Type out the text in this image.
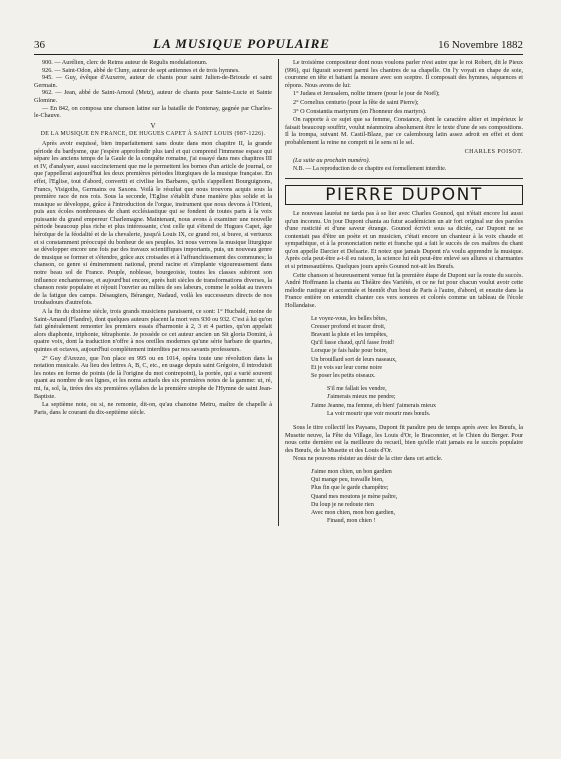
36	LA MUSIQUE POPULAIRE	16 Novembre 1882

900. — Aurélien, clerc de Reims auteur de Regulis modulationum.

926. — Saint-Odon, abbé de Cluny, auteur de sept antiennes et de trois hymnes.

945. — Guy, évêque d'Auxerre, auteur de chants pour saint Julien-de-Brioude et saint Germain.

962. — Jean, abbé de Saint-Arnoul (Metz), auteur de chants pour Sainte-Lucie et Sainte Glomine.

— En 842, on composa une chanson latine sur la bataille de Fontenay, gagnée par Charles-le-Chauve.

V

DE LA MUSIQUE EN FRANCE, DE HUGUES CAPET À SAINT LOUIS (987-1226).

Après avoir esquissé, bien imparfaitement sans doute dans mon chapitre II, la grande période du bardysme, que j'espère approfondir plus tard et qui comprend l'immense espace qui sépare les anciens temps de la Gaule de la conquête romaine, j'ai essayé dans mes chapitres III et IV, d'analyser, aussi succinctement que me le permettent les bornes d'un article de journal, ce que j'appellerai aujourd'hui les deux premières périodes liturgiques de la musique française. En effet, l'Eglise, tout d'abord, convertit et civilise les Barbares, qu'ils s'appellent Bourguignons, Francs, Visigoths, Germains ou Saxons. Voilà le résultat que nous trouvons acquis sous la première race de nos rois. Sous la seconde, l'Eglise s'établit d'une manière plus solide et la musique se développe, grâce à l'introduction de l'orgue, instrument que nous devons à l'Orient, puis aux écoles nombreuses de chant ecclésiastique qui se fondent de toutes parts à la voix puissante du grand empereur Charlemagne. Maintenant, nous avons à examiner une nouvelle période beaucoup plus riche et plus intéressante, c'est celle qui s'étend de Hugues Capet, âge héroïque de la féodalité et de la chevalerie, jusqu'à Louis IX, ce grand roi, si brave, si vertueux et si constamment préoccupé du bonheur de ses peuples. Ici nous verrons la musique liturgique se développer encore une fois par des travaux scientifiques importants, puis, un nouveau genre de musique se former et s'étendre, grâce aux croisades et à l'affranchissement des communes; la chanson, ce genre si éminemment national, prend racine et s'implante vigoureusement dans notre beau sol de France. Peuple, noblesse, bourgeoisie, toutes les classes subiront son influence enchanteresse, et aujourd'hui encore, après huit siècles de transformations diverses, la chanson reste populaire et réjouit l'ouvrier au milieu de ses labeurs, comme le soldat au travers de la fatigue des camps. Désaugiers, Béranger, Nadaud, voilà les successeurs directs de nos troubadours d'autrefois.

A la fin du dixième siècle, trois grands musiciens paraissent, ce sont: 1° Hucbald, moine de Saint-Amand (Flandre), dont quelques auteurs placent la mort vers 930 ou 932. C'est à lui qu'on fait généralement remonter les premiers essais d'harmonie à 2, 3 et 4 parties, qu'on appelait alors diaphonie, triphonie, tétraphonie. Je possède ce cet auteur ancien un Sit gloria Domini, à quatre voix, dont la traduction n'offre à nos oreilles modernes qu'une série barbare de quartes, quintes et octaves, aujourd'hui complètement interdites par nos savants professeurs.

2° Guy d'Arezzo, que l'on place en 995 ou en 1014, opéra toute une révolution dans la notation musicale. Au lieu des lettres A, B, C, etc., en usage depuis saint Grégoire, il introduisit les notes en forme de points (de là l'origine du mot contrepoint), la portée, qui a varié souvent quant au nombre de ses lignes, et les noms actuels des six premières notes de la gamme: ut, ré, mi, fa, sol, la, tirées des six premières syllabes de la première strophe de l'Hymne de saint Jean-Baptiste.

La septième note, ou si, ne remonte, dit-on, qu'au chanoine Metru, maître de chapelle à Paris, dans le courant du dix-septième siècle.

Le troisième compositeur dont nous voulons parler n'est autre que le roi Robert, dit le Pieux (996), qui figurait souvent parmi les chantres de sa chapelle. On l'y voyait en chape de soie, couronne en tête et battant la mesure avec son sceptre. Il composait des hymnes, séquences et répons. Nous avons de lui:

1° Judæa et Jerusalem, nolite timere (pour le jour de Noël);

2° Cornelius centurio (pour la fête de saint Pierre);

3° O Constantia martyrum (en l'honneur des martyrs).

On rapporte à ce sujet que sa femme, Constance, dont le caractère altier et impérieux le faisait beaucoup souffrir, voulut néanmoins absolument être le texte d'une de ses compositions. Il la trompa, suivant M. Castil-Blaze, par ce calembourg latin assez adroit en effet et dont probablement la reine ne comprit ni le sens ni le sel.

CHARLES POISOT.

(La suite au prochain numéro).

N.B. — La reproduction de ce chapitre est formellement interdite.

PIERRE DUPONT

Le nouveau lauréat ne tarda pas à se lier avec Charles Gounod, qui n'était encore lui aussi qu'un inconnu. Un jour Dupont chanta au futur académicien un air fort original sur des paroles d'une rusticité et d'une saveur étrange. Gounod écrivit sous sa dictée, car Dupont ne se contentait pas d'être un poète et un musicien, c'était encore un chanteur à la voix chaude et sympathique, et à la prononciation nette et franche qui a fait le succès de ces maîtres du chant qu'on appelle Darcier et Delsarte. Et notez que jamais Dupont n'a voulu apprendre la musique. Après cela peut-être a-t-il eu raison, la science lui eût peut-être enlevé ses allures si charmantes et si primesautières. Quelques jours après Gounod not-ait les Bœufs.

Cette chanson si heureusement venue fut la première étape de Dupont sur la route du succès. André Hoffmann la chanta au Théâtre des Variétés, et ce ne fut pour chacun voulut avoir cette mélodie rustique et accentuée et bientôt d'un bout de Paris à l'autre, d'abord, et ensuite dans la France entière on entendit chanter ces vers sonores et colorés comme un tableau de l'école Hollandaise.

Le voyez-vous, les belles bêtes,

Creuser profond et tracer droit,

Bravant la pluie et les tempêtes,

Qu'il fasse chaud, qu'il fasse froid!

Lorsque je fais halte pour boire,

Un brouillard sort de leurs naseaux,

Et je vois sur leur corne noire

Se poser les petits oiseaux.

S'il me fallait les vendre,

J'aimerais mieux me pendre;

J'aime Jeanne, ma femme, eh bien! j'aimerais mieux

La voir mourir que voir mourir mes bœufs.

Sous le titre collectif les Paysans, Dupont fit paraître peu de temps après avec les Bœufs, la Musette neuve, la Fête du Village, les Louis d'Or, le Braconnier, et le Chien du Berger. Pour nous cette dernière est la meilleure du recueil, bien qu'elle n'ait jamais eu le succès populaire des Bœufs, de la Musette et des Louis d'Or.

Nous ne pouvons résister au désir de la citer dans cet article.

J'aime mon chien, un bon gardien

Qui mange peu, travaille bien,

Plus fin que le garde champêtre;

Quand mes moutons je mène paître,

Du loup je ne redoute rien

Avec mon chien, mon bon gardien,

Finaud, mon chien !
